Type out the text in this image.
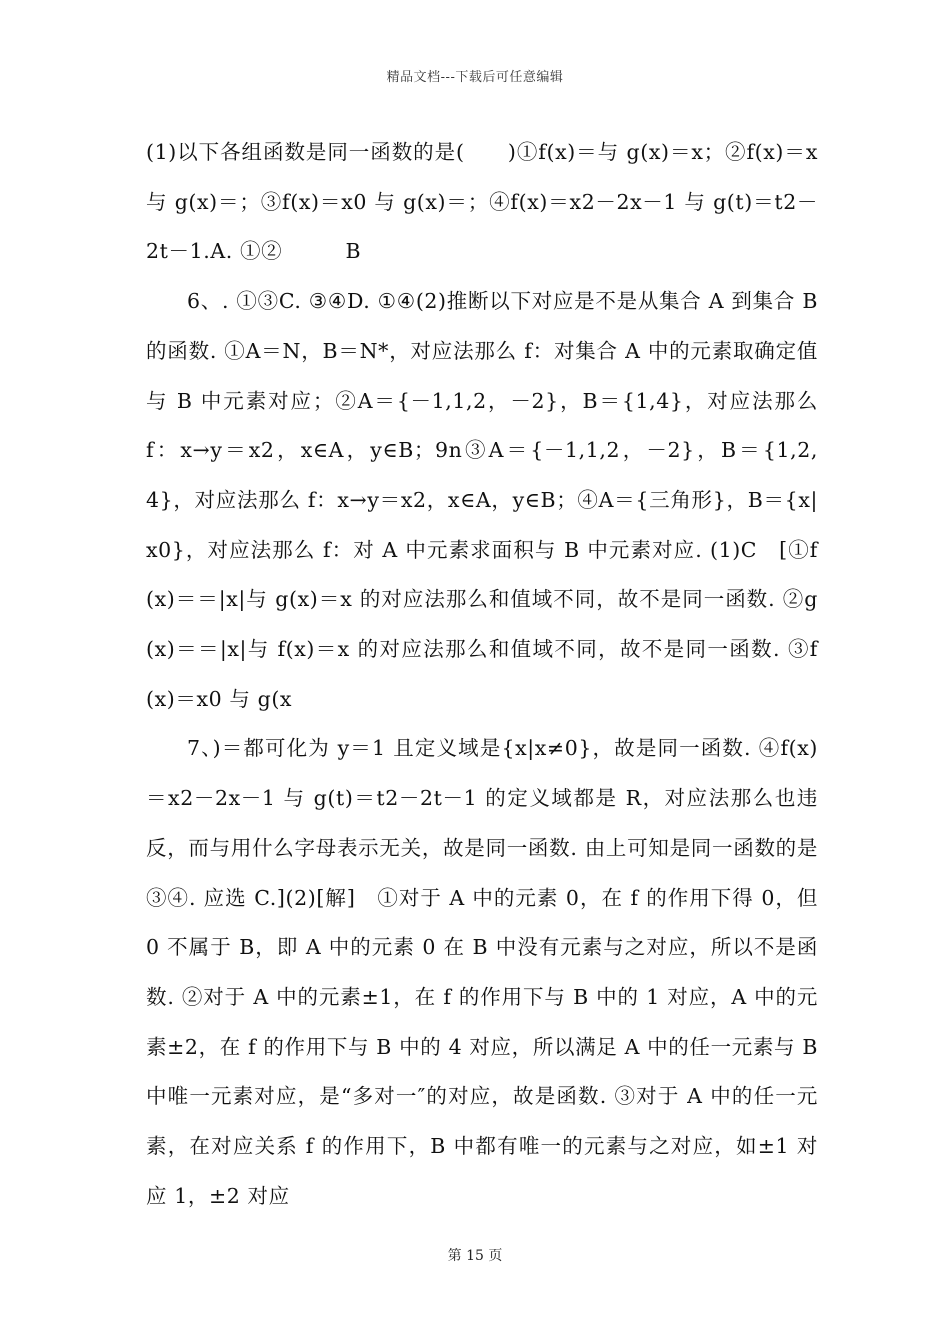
精品文档---下载后可任意编辑

(1)以下各组函数是同一函数的是(　　)①f(x)＝与 g(x)＝x；②f(x)＝x 与 g(x)＝；③f(x)＝x0 与 g(x)＝；④f(x)＝x2－2x－1 与 g(t)＝t2－2t－1.A. ①②　　　B

6、. ①③C. ③④D. ①④(2)推断以下对应是不是从集合 A 到集合 B 的函数. ①A＝N，B＝N*，对应法那么 f：对集合 A 中的元素取确定值与 B 中元素对应；②A＝{－1,1,2，－2}，B＝{1,4}，对应法那么 f：x→y＝x2，x∈A，y∈B；9n③A＝{－1,1,2，－2}，B＝{1,2,4}，对应法那么 f：x→y＝x2，x∈A，y∈B；④A＝{三角形}，B＝{x|x0}，对应法那么 f：对 A 中元素求面积与 B 中元素对应. (1)C　[①f(x)＝＝|x|与 g(x)＝x 的对应法那么和值域不同，故不是同一函数. ②g(x)＝＝|x|与 f(x)＝x 的对应法那么和值域不同，故不是同一函数. ③f(x)＝x0 与 g(x

7、)＝都可化为 y＝1 且定义域是{x|x≠0}，故是同一函数. ④f(x)＝x2－2x－1 与 g(t)＝t2－2t－1 的定义域都是 R，对应法那么也违反，而与用什么字母表示无关，故是同一函数. 由上可知是同一函数的是③④. 应选 C.](2)[解]　①对于 A 中的元素 0，在 f 的作用下得 0，但 0 不属于 B，即 A 中的元素 0 在 B 中没有元素与之对应，所以不是函数. ②对于 A 中的元素±1，在 f 的作用下与 B 中的 1 对应，A 中的元素±2，在 f 的作用下与 B 中的 4 对应，所以满足 A 中的任一元素与 B 中唯一元素对应，是“多对一″的对应，故是函数. ③对于 A 中的任一元素，在对应关系 f 的作用下，B 中都有唯一的元素与之对应，如±1 对应 1，±2 对应

第 15 页
